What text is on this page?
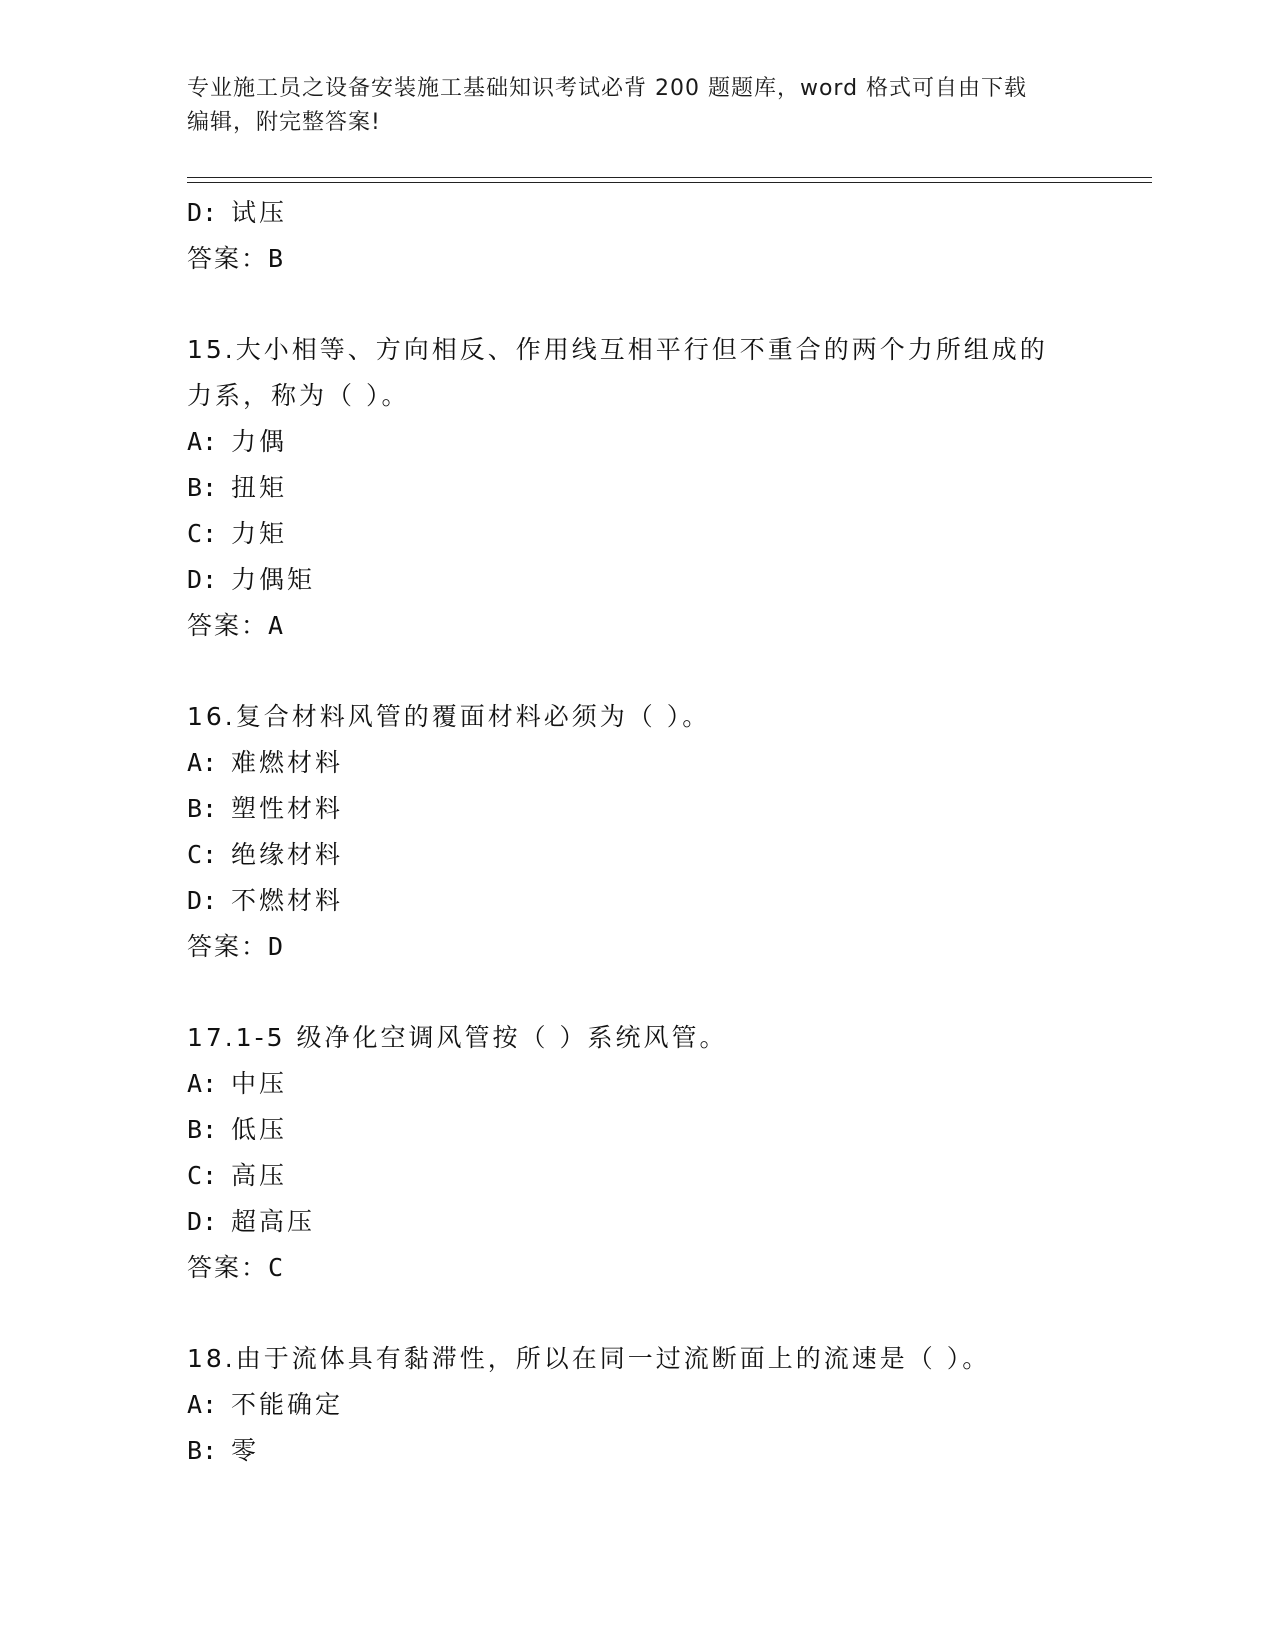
专业施工员之设备安装施工基础知识考试必背 200 题题库，word 格式可自由下载
编辑，附完整答案!
D: 试压
答案：B
15.大小相等、方向相反、作用线互相平行但不重合的两个力所组成的
力系，称为（ ）。
A: 力偶
B: 扭矩
C: 力矩
D: 力偶矩
答案：A
16.复合材料风管的覆面材料必须为（ ）。
A: 难燃材料
B: 塑性材料
C: 绝缘材料
D: 不燃材料
答案：D
17.1-5 级净化空调风管按（ ）系统风管。
A: 中压
B: 低压
C: 高压
D: 超高压
答案：C
18.由于流体具有黏滞性，所以在同一过流断面上的流速是（ ）。
A: 不能确定
B: 零
